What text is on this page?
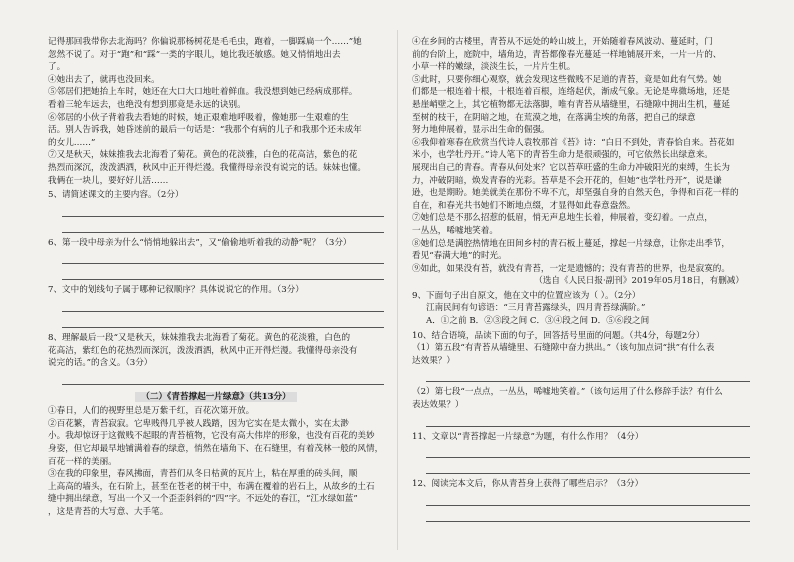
记得那回我带你去北海吗？你偏说那杨树花是毛毛虫，跑着，一脚踩扁一个……”她

忽然不说了。对于“跑”和“踩”一类的字眼儿，她比我还敏感。她又悄悄地出去

了。

④她出去了，就再也没回来。

⑤邻居们把她抬上车时，她还在大口大口地吐着鲜血。我没想到她已经病成那样。

看着三轮车远去，也绝没有想到那竟是永远的诀别。

⑥邻居的小伙子背着我去看她的时候，她正艰难地呼吸着，像她那一生艰难的生

活。别人告诉我，她昏迷前的最后一句话是：“我那个有病的儿子和我那个还未成年

的女儿……”

⑦又是秋天，妹妹推我去北海看了菊花。黄色的花淡雅，白色的花高洁，紫色的花

热烈而深沉，泼泼洒洒，秋风中正开得烂漫。我懂得母亲没有说完的话。妹妹也懂。

我俩在一块儿，要好好儿活……

5、请简述课文的主要内容。（2分）

6、第一段中母亲为什么“悄悄地躲出去”，又“偷偷地听着我的动静”呢？（3分）

7、文中的划线句子属于哪种记叙顺序？具体说说它的作用。（3分）

8、理解最后一段“又是秋天，妹妹推我去北海看了菊花。黄色的花淡雅，白色的

花高洁，紫红色的花热烈而深沉，泼泼洒洒，秋风中正开得烂漫。我懂得母亲没有

说完的话。”的含义。（3分）

（二）《青苔撑起一片绿意》（共13分）

①春日，人们的视野里总是万紫千红，百花次第开放。

②百花繁，青苔寂寂。它卑贱得几乎被人践踏，因为它实在是太微小，实在太渺

小。我却惊讶于这微贱不起眼的青苔植物，它没有高大伟岸的形象，也没有百花的美妙

身姿，但它却最早地铺满着春的绿意，悄然在墙角下、在石缝里，有着茂林一般的风情，

百花一样的美丽。

③在我的印象里，春风拂面，青苔们从冬日枯黄的瓦片上，粘在厚重的砖头间，顺

上高高的墙头，在石阶上，甚至在苍老的树干中，布满在覆着的岩石上，从故乡的土石

缝中拥出绿意，写出一个又一个歪歪斜斜的“四”字。不远处的春江，“江水绿如蓝”

，这是青苔的大写意、大手笔。

④在乡间的古楼里，青苔从不远处的岭山坡上，开始随着春风波动、蔓延时，门

前的台阶上，庭院中，墙角边，青苔都像春光蔓延一样地铺展开来，一片一片的、

小草一样的嫩绿，淡淡生长，一片片生机。

⑤此时，只要你细心观察，就会发现这些微贱不足道的青苔，竟是如此有气势。她

们都是一根连着十根，十根连着百根，连络起伏，渐成气象。无论是卑微场地，还是

悬崖峭壁之上，其它植物都无法落脚，唯有青苔从墙缝里，石缝隙中拥出生机，蔓延

至树的枝干，在阴暗之地，在荒漠之地，在落满尘埃的角落，把自己的绿意

努力地伸展着，显示出生命的倔强。

⑥我仰着寒春在欣赏当代诗人袁牧那首《苔》诗：“白日不到处，青春恰自来。苔花如

米小，也学牡丹开。”诗人笔下的青苔生命力是很顽强的，可它依然长出绿意来。

展现出自己的青春。青春从何处来？它以苔草旺盛的生命力冲破阳光的束缚，生长为

力，冲破阴暗，焕发青春的光彩。苔草是不会开花的，但她“也学牡丹开”，说是谦

逊，也是期盼。她美就美在那份不卑不亢，却坚强自身的自然天色，争得和百花一样的

自在，和春光共书她们不断地点缀，才显得如此春意盎然。

⑦她们总是不那么招惹的低眉，悄无声息地生长着，伸展着，变幻着。一点点，

一丛丛，唏嘘地笑着。

⑧她们总是满腔热情地在田间乡村的青石板上蔓延，撑起一片绿意，让你走出季节，

看见“春满大地”的时光。

⑨如此，如果没有苔，就没有青苔，一定是遗憾的；没有青苔的世界，也是寂寞的。

（选自《人民日报·副刊》2019年05月18日，有删减）

9、下面句子出自原文，他在文中的位置应该为（ ）。（2分）

江南民间有句谚语：“三月青苔露绿头，四月青苔绿满阶。”

A．①之前 B．②③段之间 C．③④段之间 D．⑤⑥段之间

10、结合语境，品读下面的句子，回答括号里面的问题。（共4分，每题2分）

（1）第五段“有青苔从墙缝里、石缝隙中奋力拱出。”（该句加点词“拱”有什么表

达效果？）

（2）第七段“一点点，一丛丛，唏嘘地笑着。”（该句运用了什么修辞手法？有什么

表达效果？）

11、文章以“青苔撑起一片绿意”为题，有什么作用？（4分）

12、阅读完本文后，你从青苔身上获得了哪些启示？（3分）
